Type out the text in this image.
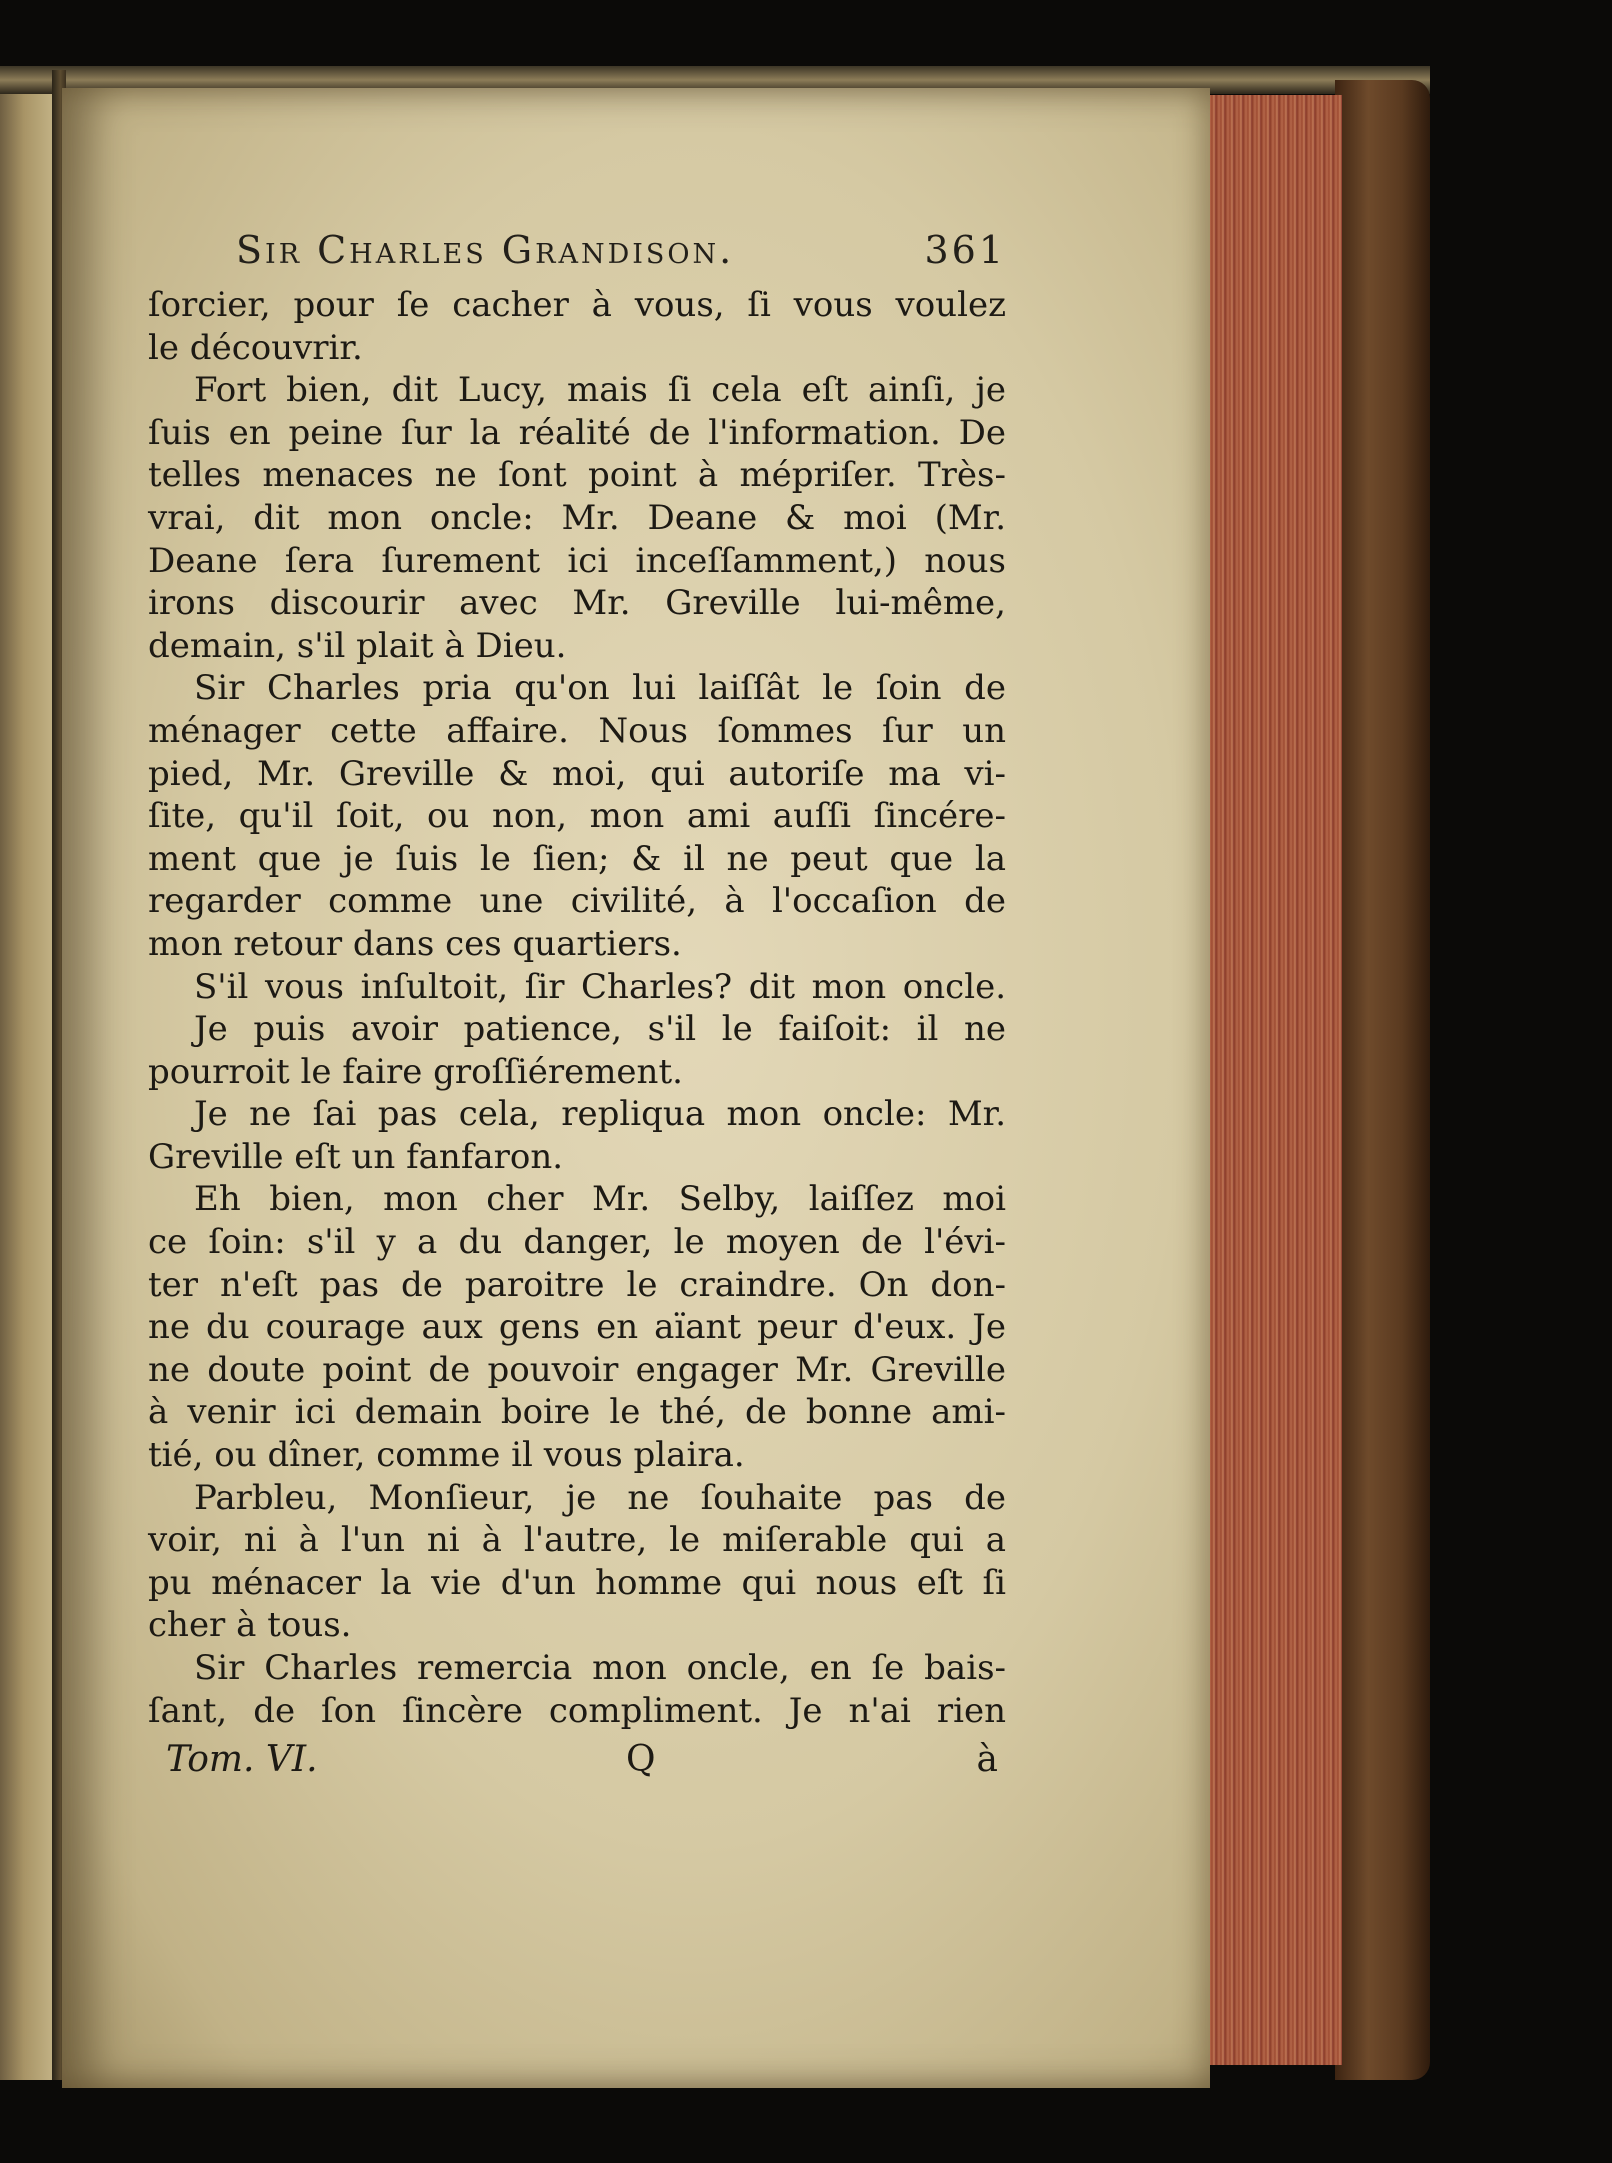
Sir Charles Grandison.	361
ſorcier, pour ſe cacher à vous, ſi vous voulez
le découvrir.
Fort bien, dit Lucy, mais ſi cela eſt ainſi, je
ſuis en peine ſur la réalité de l'information. De
telles menaces ne ſont point à mépriſer. Très-
vrai, dit mon oncle: Mr. Deane & moi (Mr.
Deane ſera ſurement ici inceſſamment,) nous
irons discourir avec Mr. Greville lui-même,
demain, s'il plait à Dieu.
Sir Charles pria qu'on lui laiſſât le ſoin de
ménager cette affaire. Nous ſommes ſur un
pied, Mr. Greville & moi, qui autoriſe ma vi-
ſite, qu'il ſoit, ou non, mon ami auſſi ſincére-
ment que je ſuis le ſien; & il ne peut que la
regarder comme une civilité, à l'occaſion de
mon retour dans ces quartiers.
S'il vous inſultoit, ſir Charles? dit mon oncle.
Je puis avoir patience, s'il le faiſoit: il ne
pourroit le faire groſſiérement.
Je ne ſai pas cela, repliqua mon oncle: Mr.
Greville eſt un fanfaron.
Eh bien, mon cher Mr. Selby, laiſſez moi
ce ſoin: s'il y a du danger, le moyen de l'évi-
ter n'eſt pas de paroitre le craindre. On don-
ne du courage aux gens en aïant peur d'eux. Je
ne doute point de pouvoir engager Mr. Greville
à venir ici demain boire le thé, de bonne ami-
tié, ou dîner, comme il vous plaira.
Parbleu, Monſieur, je ne ſouhaite pas de
voir, ni à l'un ni à l'autre, le miſerable qui a
pu ménacer la vie d'un homme qui nous eſt ſi
cher à tous.
Sir Charles remercia mon oncle, en ſe bais-
ſant, de ſon ſincère compliment. Je n'ai rien
Tom. VI.	Q	à
